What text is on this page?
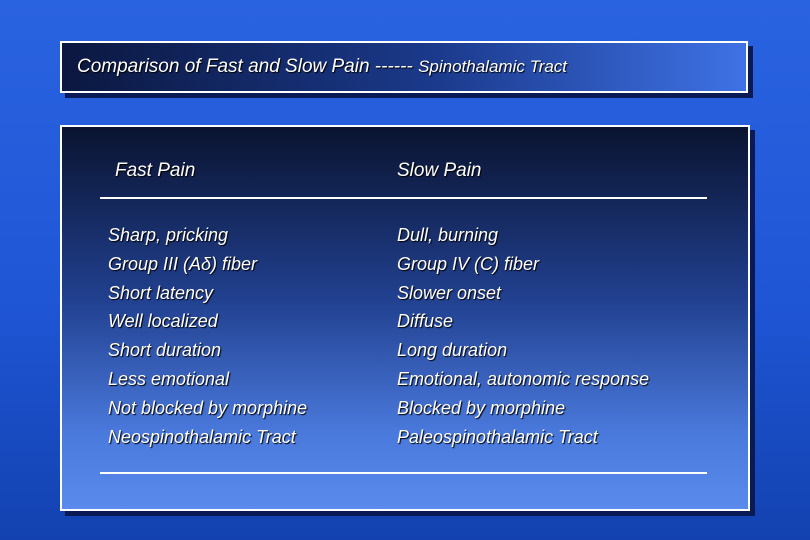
Comparison of Fast and Slow Pain ------ Spinothalamic Tract
Fast Pain	Slow Pain
Sharp, pricking
Group III (Aδ) fiber
Short latency
Well localized
Short duration
Less emotional
Not blocked by morphine
Neospinothalamic Tract
Dull, burning
Group IV (C) fiber
Slower onset
Diffuse
Long duration
Emotional, autonomic response
Blocked by morphine
Paleospinothalamic Tract
